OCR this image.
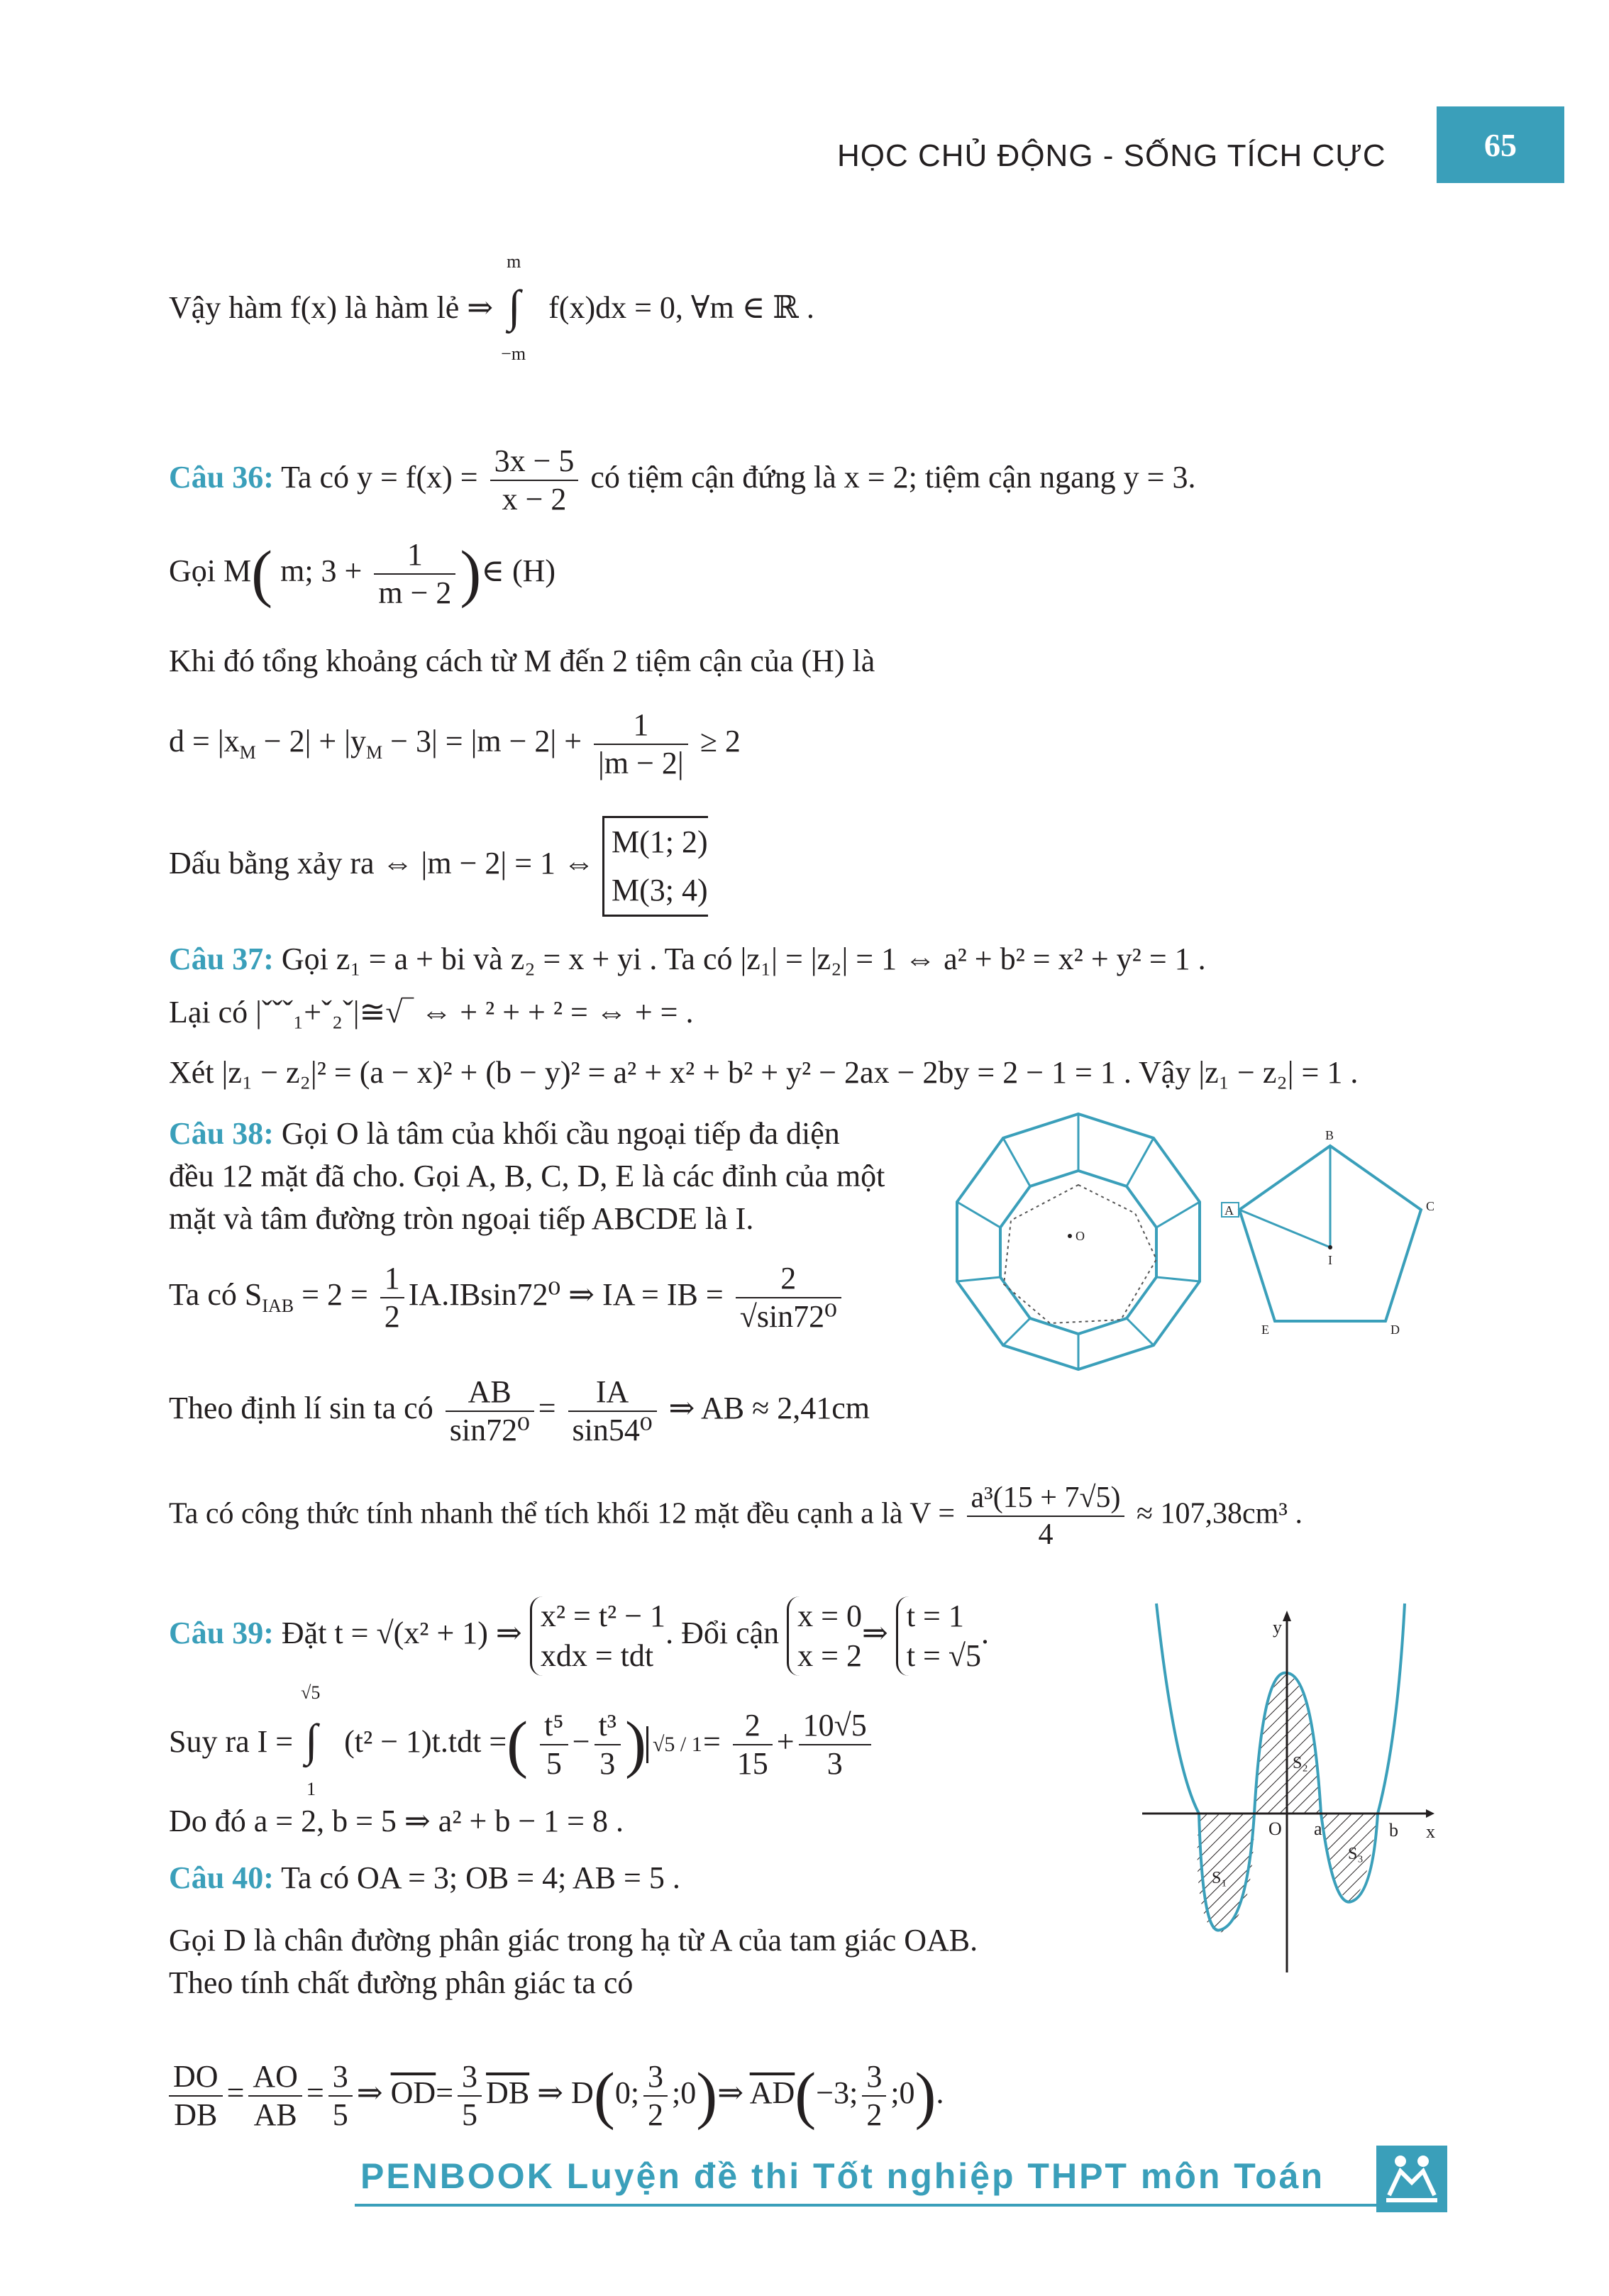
HỌC CHỦ ĐỘNG - SỐNG TÍCH CỰC	65
Vậy hàm f(x) là hàm lẻ ⇒
m
∫
−m
f(x)dx = 0, ∀m ∈ ℝ .
Câu 36: Ta có $y = f(x) = \frac{3x - 5}{x - 2}$ có tiệm cận đứng là x = 2; tiệm cận ngang y = 3.
Gọi M( m; $3 + \frac{1}{m - 2}$ )∈ (H)
Khi đó tổng khoảng cách từ M đến 2 tiệm cận của (H) là
$d = |x_M - 2| + |y_M - 3| = |m - 2| + \frac{1}{|m - 2|} \ge 2$
Dấu bằng xảy ra ⇔ |m − 2| = 1 ⇔
M(1; 2)
M(3; 4)
Câu 37: Gọi z₁ = a + bi và z₂ = x + yi . Ta có |z₁| = |z₂| = 1 ⇔ a² + b² = x² + y² = 1 .
Lại có |ˇˇˇ₁+ˇ₂ˇ|≅√‾ ⇔ + ² + + ² = ⇔ + = .
Xét |z₁ − z₂|² = (a − x)² + (b − y)² = a² + x² + b² + y² − 2ax − 2by = 2 − 1 = 1 . Vậy |z₁ − z₂| = 1 .
Câu 38: Gọi O là tâm của khối cầu ngoại tiếp đa diện
đều 12 mặt đã cho. Gọi A, B, C, D, E là các đỉnh của một
mặt và tâm đường tròn ngoại tiếp ABCDE là I.
Ta có $S_{IAB} = 2 = \frac{1}{2} IA.IBsin72^0$ ⇒ IA = IB = $\frac{2}{\text{√sin72⁰}}$
Theo định lí sin ta có $\frac{AB}{\text{sin72⁰}} = \frac{IA}{\text{sin54⁰}}$ ⇒ AB ≈ 2,41cm
Ta có công thức tính nhanh thể tích khối 12 mặt đều cạnh a là $V = \frac{\text{a³(15 + 7√5)}}{4} \approx 107,38cm^3$ .
Câu 39: Đặt t = √(x² + 1) ⇒ x² = t² − 1
xdx = tdt
. Đổi cận x = 0
x = 2
⇒ t = 1
t = √5
.
Suy ra I =
√5
∫
1
(t² − 1)t.tdt =( $\frac{\text{t⁵}}{5} - \frac{\text{t³}}{3}$ ) $√5 / 1 = \frac{2}{15} + \frac{10√5}{3}$
Do đó a = 2, b = 5 ⇒ a² + b − 1 = 8 .
Câu 40: Ta có OA = 3; OB = 4; AB = 5 .
Gọi D là chân đường phân giác trong hạ từ A của tam giác OAB.
Theo tính chất đường phân giác ta có
$\frac{DO}{DB} = \frac{AO}{AB} = \frac{3}{5}$ ⇒ $\overline{OD}= \frac{3}{5} \overline{DB}$ ⇒ D(0; $\frac{3}{2}$ ;0)⇒ $\overline{AD}(-3$; $\frac{3}{2}$ ;0).
O
A
B
C
D
E
I
y
x
O a	b
S₁
S₂
S₃
PENBOOK Luyện đề thi Tốt nghiệp THPT môn Toán
